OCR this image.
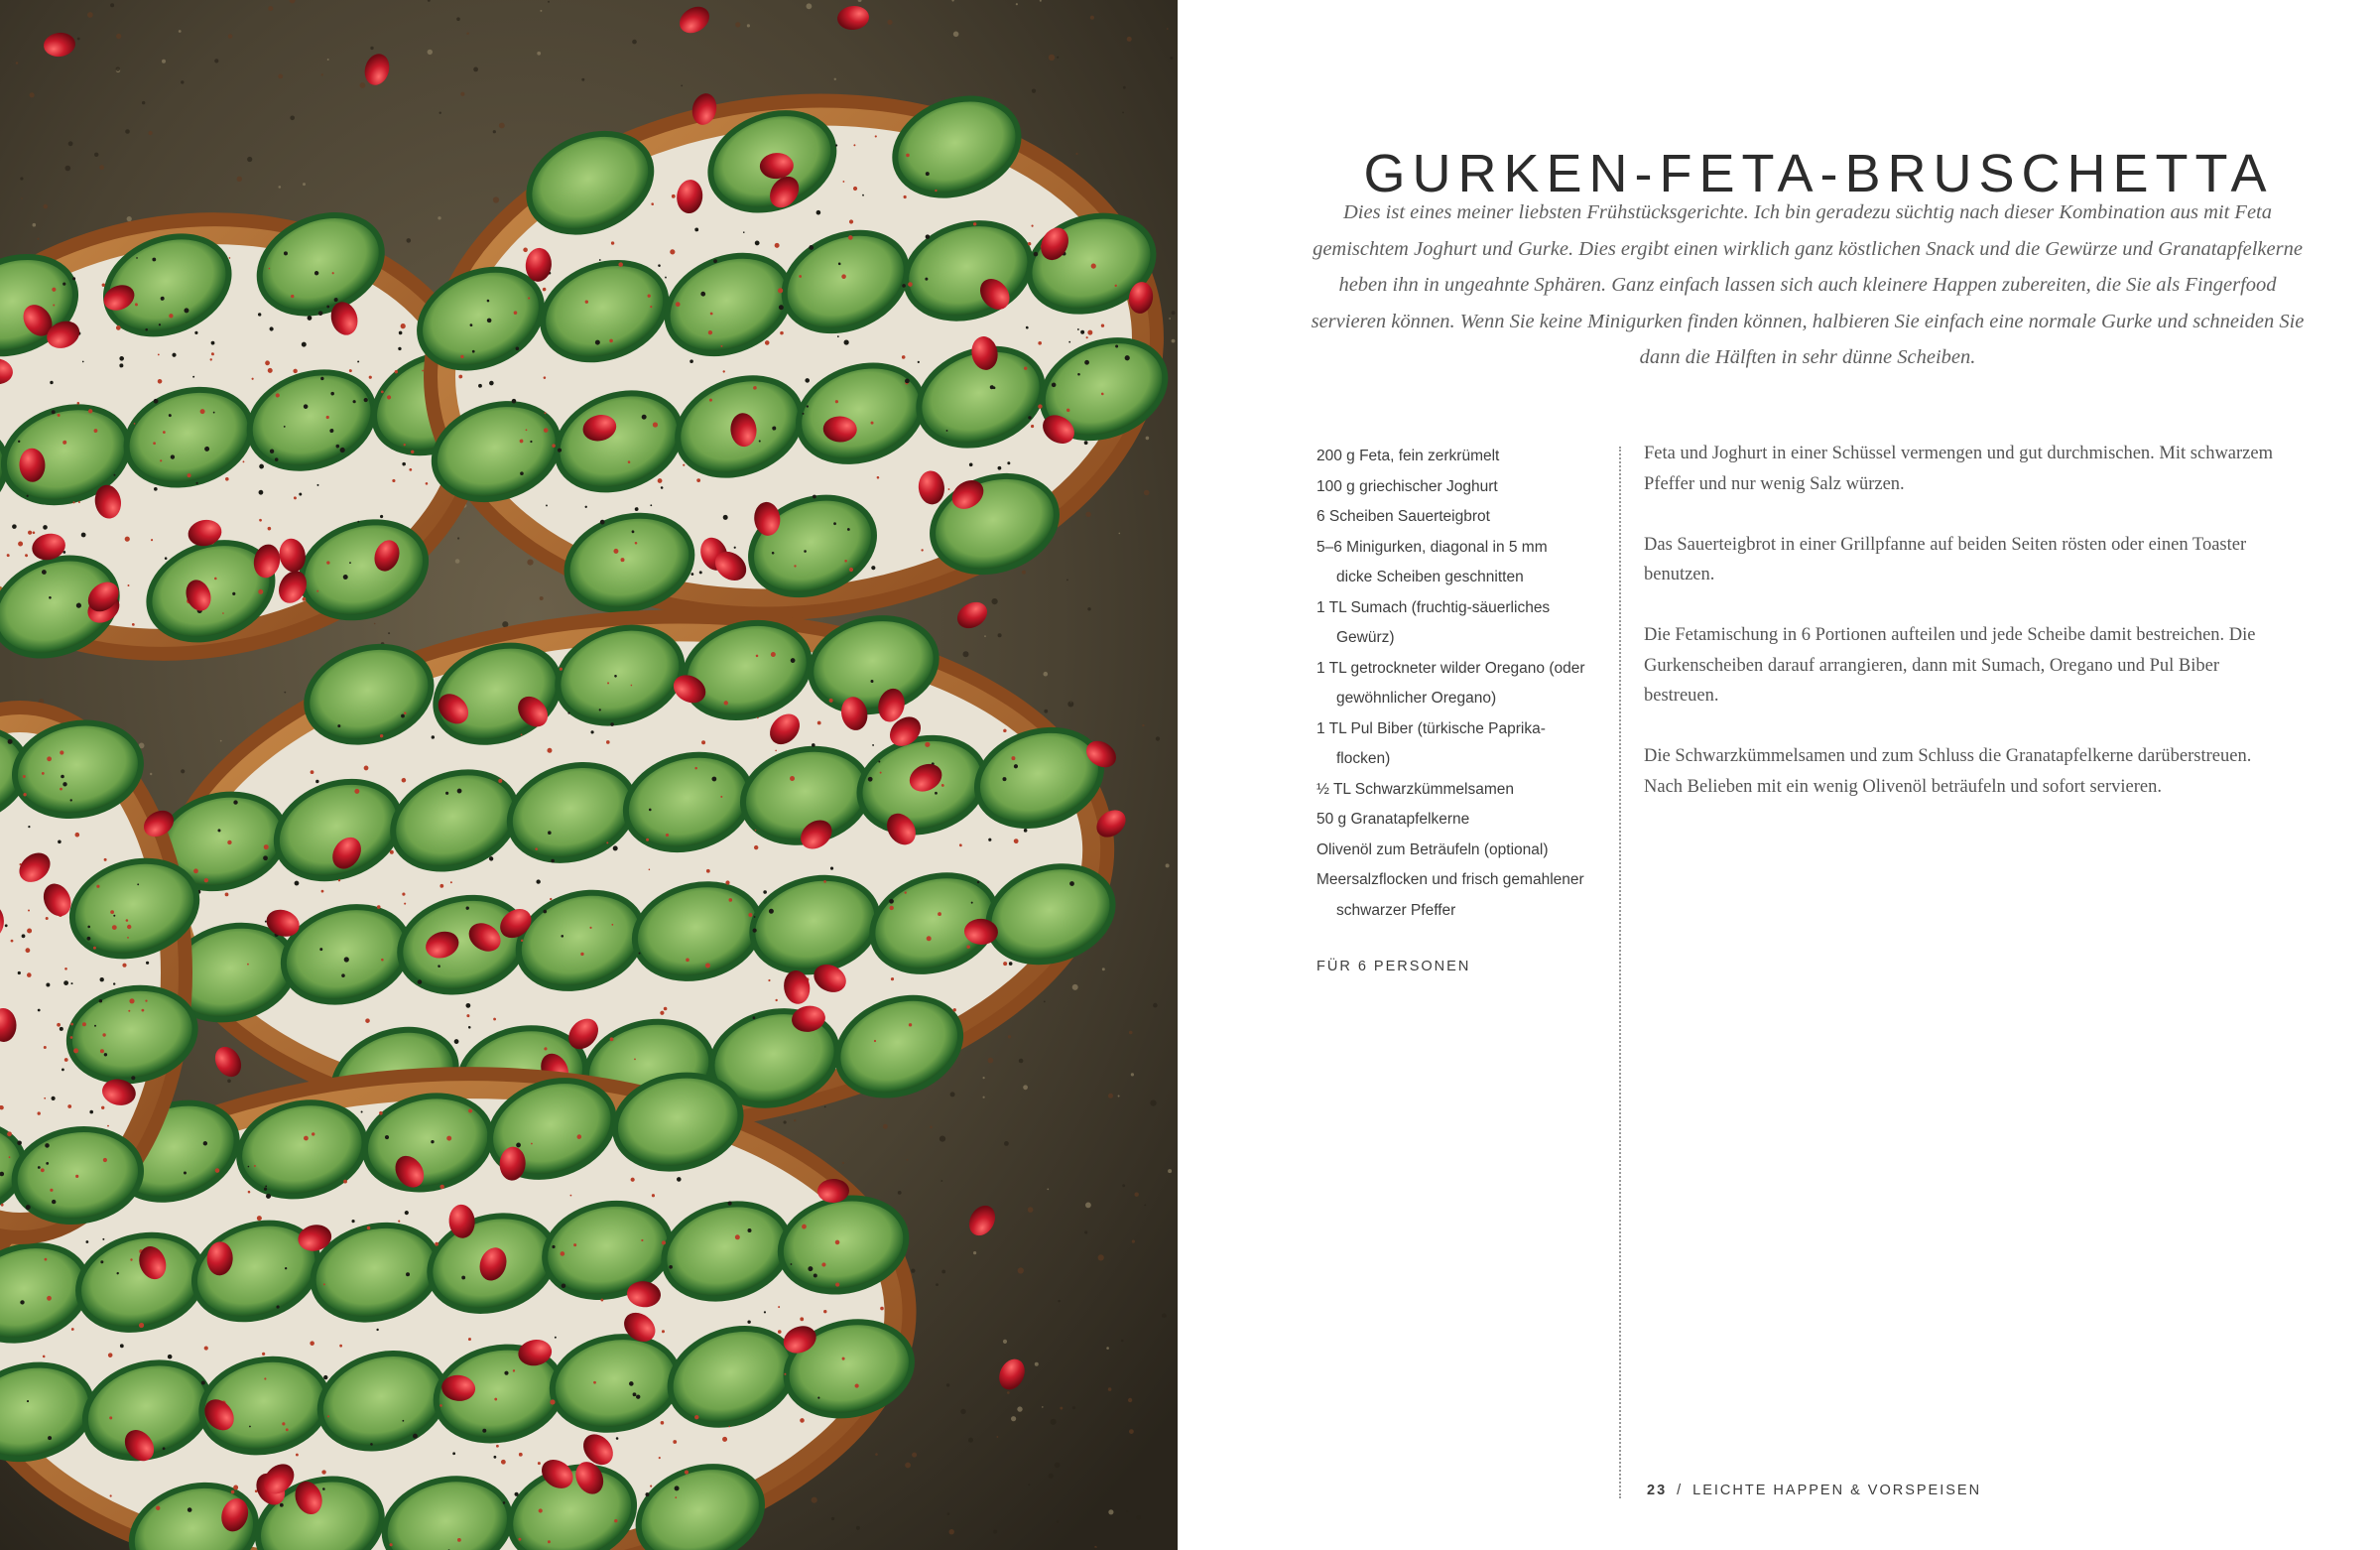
GURKEN-FETA-BRUSCHETTA
Dies ist eines meiner liebsten Frühstücksgerichte. Ich bin geradezu süchtig nach dieser Kombination aus mit Feta gemischtem Joghurt und Gurke. Dies ergibt einen wirklich ganz köstlichen Snack und die Gewürze und Granatapfelkerne heben ihn in ungeahnte Sphären. Ganz einfach lassen sich auch kleinere Happen zubereiten, die Sie als Fingerfood servieren können. Wenn Sie keine Minigurken finden können, halbieren Sie einfach eine normale Gurke und schneiden Sie dann die Hälften in sehr dünne Scheiben.
200 g Feta, fein zerkrümelt
100 g griechischer Joghurt
6 Scheiben Sauerteigbrot
5–6 Minigurken, diagonal in 5 mm
dicke Scheiben geschnitten
1 TL Sumach (fruchtig-säuerliches
Gewürz)
1 TL getrockneter wilder Oregano (oder
gewöhnlicher Oregano)
1 TL Pul Biber (türkische Paprika-
flocken)
½ TL Schwarzkümmelsamen
50 g Granatapfelkerne
Olivenöl zum Beträufeln (optional)
Meersalzflocken und frisch gemahlener
schwarzer Pfeffer
FÜR 6 PERSONEN

Feta und Joghurt in einer Schüssel vermengen und gut durchmischen. Mit schwarzem Pfeffer und nur wenig Salz würzen.

Das Sauerteigbrot in einer Grillpfanne auf beiden Seiten rösten oder einen Toaster benutzen.

Die Fetamischung in 6 Portionen aufteilen und jede Scheibe damit bestreichen. Die Gurkenscheiben darauf arrangieren, dann mit Sumach, Oregano und Pul Biber bestreuen.

Die Schwarzkümmelsamen und zum Schluss die Granatapfelkerne darüberstreuen. Nach Belieben mit ein wenig Olivenöl beträufeln und sofort servieren.

23 / LEICHTE HAPPEN & VORSPEISEN
